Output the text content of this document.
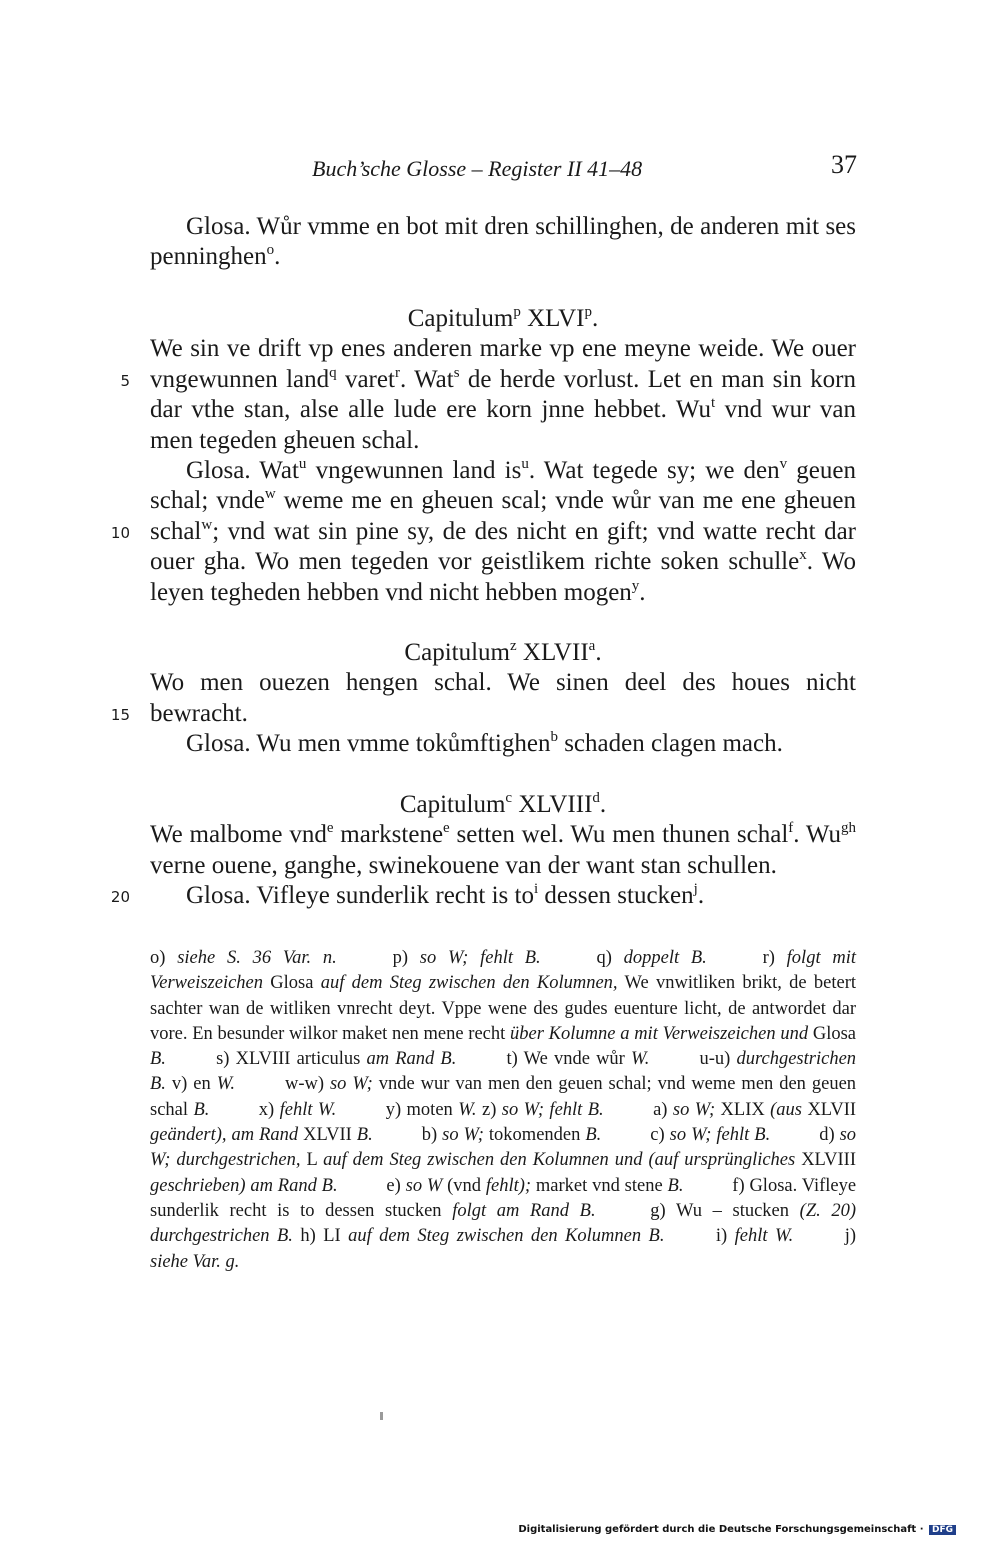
Buch’sche Glosse – Register II 41–48	37

Glosa. Wůr vmme en bot mit dren schillinghen, de anderen mit ses penninghen$^o$.

Capitulum$^p$ XLVI$^p$.

We sin ve drift vp enes anderen marke vp ene meyne weide. We ouer vngewunnen land$^q$ varet$^r$. Wat$^s$ de herde vorlust. Let en man sin korn dar vthe stan, alse alle lude ere korn jnne hebbet. Wu$^t$ vnd wur van men tegeden gheuen schal.

Glosa. Wat$^u$ vngewunnen land $is^u$. Wat tegede sy; we den$^v$ geuen schal; vnde$^w$ weme me en gheuen scal; vnde wůr van me ene gheuen schal$^w$; vnd wat sin pine sy, de des nicht en gift; vnd watte recht dar ouer gha. Wo men tegeden vor geistlikem richte soken schulle$^x$. Wo leyen tegheden hebben vnd nicht hebben mogen$^y$.

Capitulum$^z$ XLVII$^a$.

Wo men ouezen hengen schal. We sinen deel des houes nicht bewracht.

Glosa. Wu men vmme tokůmftighen$^b$ schaden clagen mach.

Capitulum$^c$ XLVIII$^d$.

We malbome vnd$^e$ markstene$^e$ setten wel. Wu men thunen schal$^f$. $Wu^{gh}$ verne ouene, ganghe, swinekouene van der want stan schullen.

Glosa. Vifleye sunderlik recht is $to^i$ dessen stucken$^j$.

5
10
15
20

o) siehe S. 36 Var. n.	p) so W; fehlt B.	q) doppelt B.	r) folgt mit Verweiszeichen Glosa auf dem Steg zwischen den Kolumnen, We vnwitliken brikt, de betert sachter wan de witliken vnrecht deyt. Vppe wene des gudes euenture licht, de antwordet dar vore. En besunder wilkor maket nen mene recht über Kolumne a mit Verweiszeichen und Glosa B.	s) XLVIII articulus am Rand B.	t) We vnde wůr W.	u-u) durchgestrichen B. v) en W.	w-w) so W; vnde wur van men den geuen schal; vnd weme men den geuen schal B.	x) fehlt W.	y) moten W. z) so W; fehlt B.	a) so W; XLIX (aus XLVII geändert), am Rand XLVII B.	b) so W; tokomenden B.	c) so W; fehlt B.	d) so W; durchgestrichen, L auf dem Steg zwischen den Kolumnen und (auf ursprüngliches XLVIII geschrieben) am Rand B.	e) so W (vnd fehlt); market vnd stene B.	f) Glosa. Vifleye sunderlik recht is to dessen stucken folgt am Rand B.	g) Wu – stucken (Z. 20) durchgestrichen B. h) LI auf dem Steg zwischen den Kolumnen B.	i) fehlt W.	j) siehe Var. g.

Digitalisierung gefördert durch die Deutsche Forschungsgemeinschaft · DFG
